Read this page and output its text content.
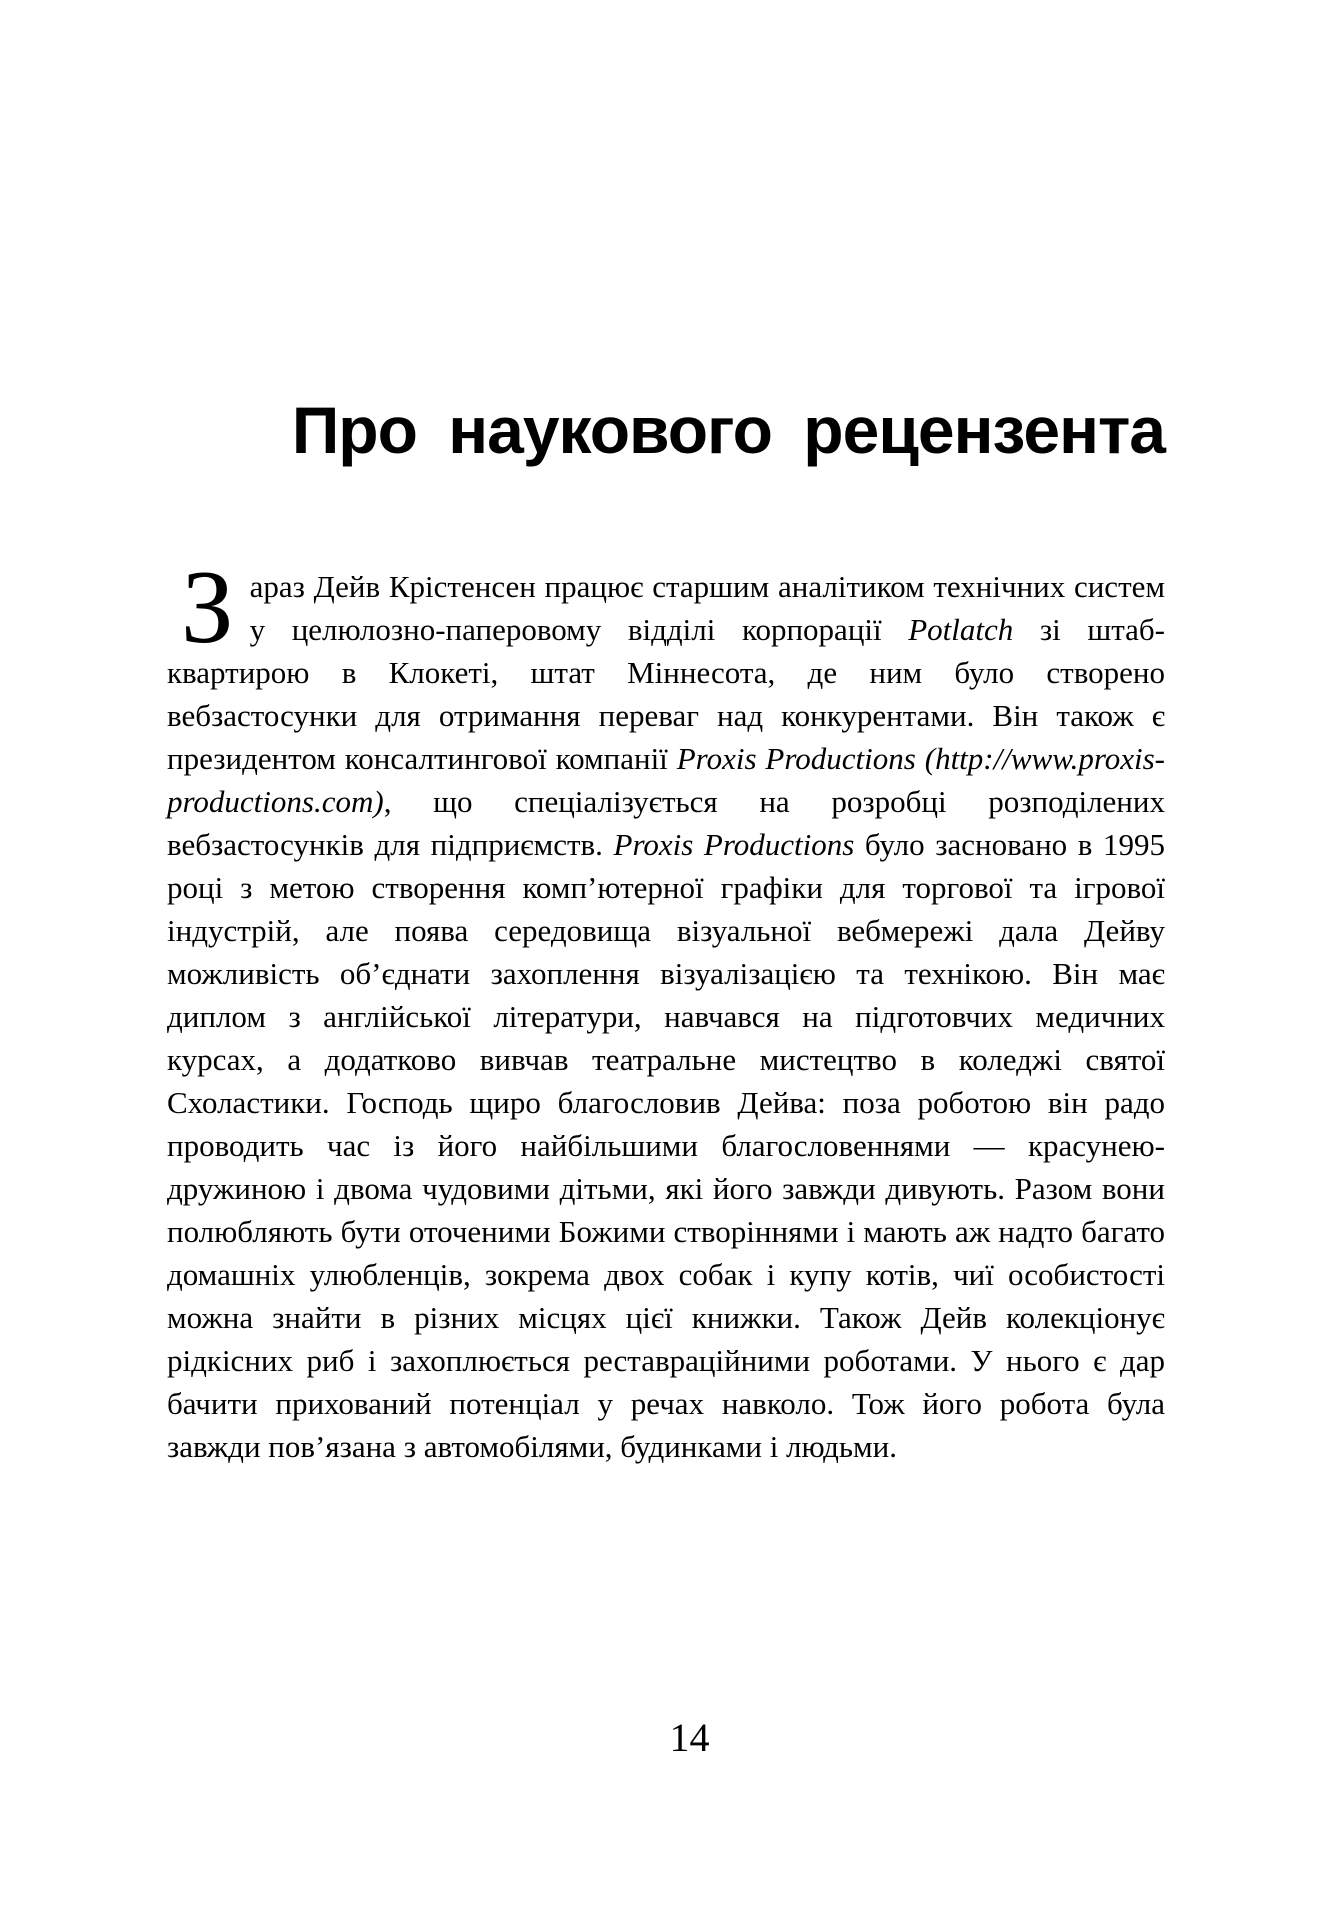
Про наукового рецензента

Зараз Дейв Крістенсен працює старшим аналітиком технічних систем у целюлозно-паперовому відділі корпорації Potlatch зі штаб-квартирою в Клокеті, штат Міннесота, де ним було створено вебзастосунки для отримання переваг над конкурентами. Він також є президентом консалтингової компанії Proxis Productions (http://www.proxis-productions.com), що спеціалізується на розробці розподілених вебзастосунків для підприємств. Proxis Productions було засновано в 1995 році з метою створення комп’ютерної графіки для торгової та ігрової індустрій, але поява середовища візуальної вебмережі дала Дейву можливість об’єднати захоплення візуалізацією та технікою. Він має диплом з англійської літератури, навчався на підготовчих медичних курсах, а додатково вивчав театральне мистецтво в коледжі святої Схоластики. Господь щиро благословив Дейва: поза роботою він радо проводить час із його найбільшими благословеннями — красунею-дружиною і двома чудовими дітьми, які його завжди дивують. Разом вони полюбляють бути оточеними Божими створіннями і мають аж надто багато домашніх улюбленців, зокрема двох собак і купу котів, чиї особистості можна знайти в різних місцях цієї книжки. Також Дейв колекціонує рідкісних риб і захоплюється реставраційними роботами. У нього є дар бачити прихований потенціал у речах навколо. Тож його робота була завжди пов’язана з автомобілями, будинками і людьми.

14
